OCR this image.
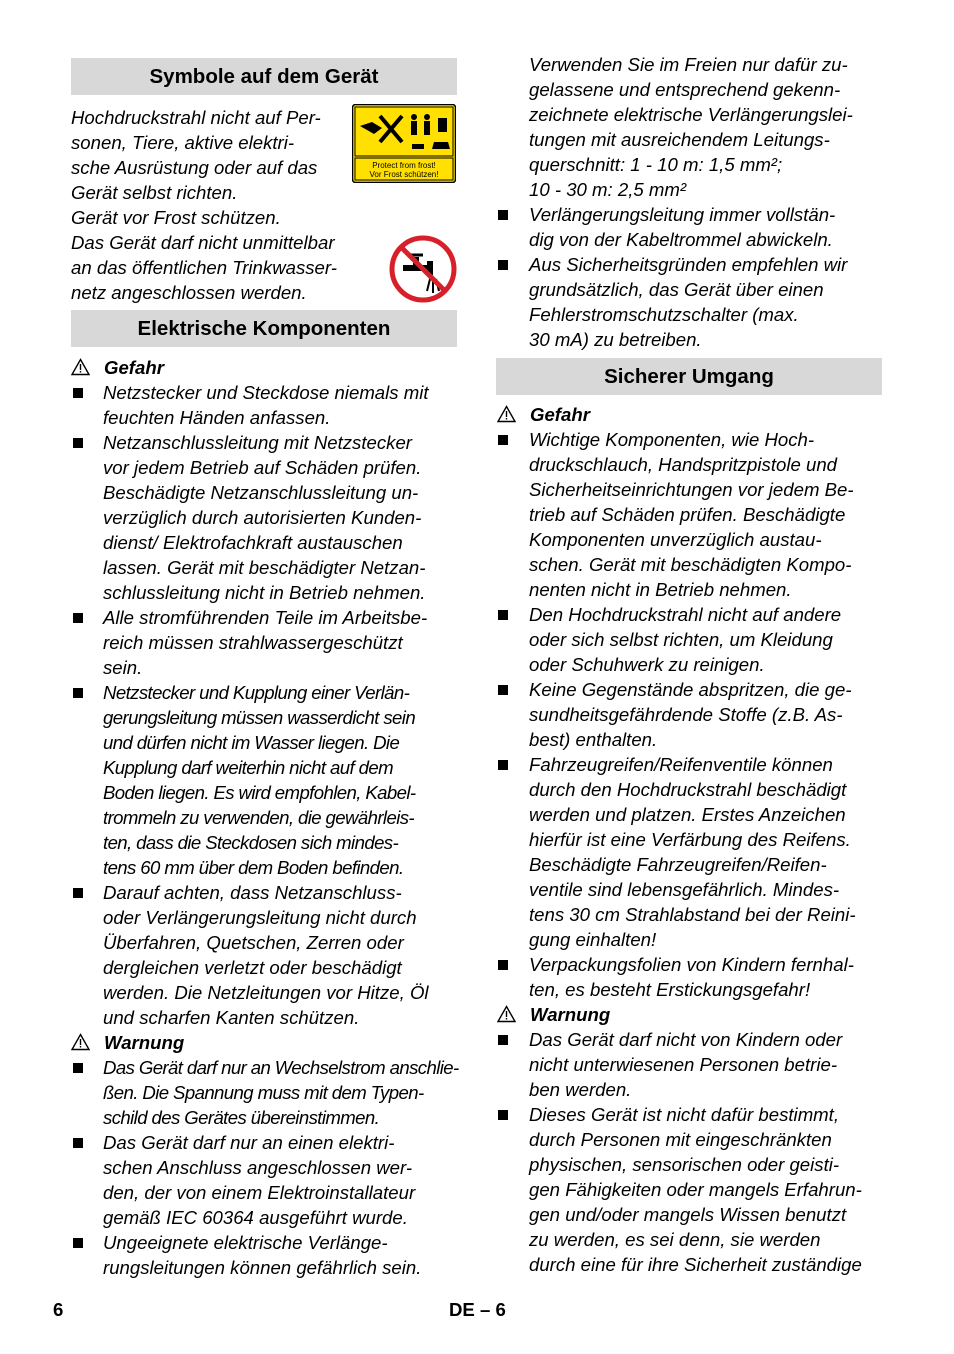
Symbole auf dem Gerät
Protect from frost!
Vor Frost schützen!
Hochdruckstrahl nicht auf Per-
sonen, Tiere, aktive elektri-
sche Ausrüstung oder auf das
Gerät selbst richten.
Gerät vor Frost schützen.
Das Gerät darf nicht unmittelbar
an das öffentlichen Trinkwasser-
netz angeschlossen werden.
Elektrische Komponenten
Gefahr
Netzstecker und Steckdose niemals mit
feuchten Händen anfassen.
Netzanschlussleitung mit Netzstecker
vor jedem Betrieb auf Schäden prüfen.
Beschädigte Netzanschlussleitung un-
verzüglich durch autorisierten Kunden-
dienst/ Elektrofachkraft austauschen
lassen. Gerät mit beschädigter Netzan-
schlussleitung nicht in Betrieb nehmen.
Alle stromführenden Teile im Arbeitsbe-
reich müssen strahlwassergeschützt
sein.
Netzstecker und Kupplung einer Verlän-
gerungsleitung müssen wasserdicht sein
und dürfen nicht im Wasser liegen. Die
Kupplung darf weiterhin nicht auf dem
Boden liegen. Es wird empfohlen, Kabel-
trommeln zu verwenden, die gewährleis-
ten, dass die Steckdosen sich mindes-
tens 60 mm über dem Boden befinden.
Darauf achten, dass Netzanschluss-
oder Verlängerungsleitung nicht durch
Überfahren, Quetschen, Zerren oder
dergleichen verletzt oder beschädigt
werden. Die Netzleitungen vor Hitze, Öl
und scharfen Kanten schützen.
Warnung
Das Gerät darf nur an Wechselstrom anschlie-
ßen. Die Spannung muss mit dem Typen-
schild des Gerätes übereinstimmen.
Das Gerät darf nur an einen elektri-
schen Anschluss angeschlossen wer-
den, der von einem Elektroinstallateur
gemäß IEC 60364 ausgeführt wurde.
Ungeeignete elektrische Verlänge-
rungsleitungen können gefährlich sein.
Verwenden Sie im Freien nur dafür zu-
gelassene und entsprechend gekenn-
zeichnete elektrische Verlängerungslei-
tungen mit ausreichendem Leitungs-
querschnitt: 1 - 10 m: 1,5 mm²;
10 - 30 m: 2,5 mm²
Verlängerungsleitung immer vollstän-
dig von der Kabeltrommel abwickeln.
Aus Sicherheitsgründen empfehlen wir
grundsätzlich, das Gerät über einen
Fehlerstromschutzschalter (max.
30 mA) zu betreiben.
Sicherer Umgang
Gefahr
Wichtige Komponenten, wie Hoch-
druckschlauch, Handspritzpistole und
Sicherheitseinrichtungen vor jedem Be-
trieb auf Schäden prüfen. Beschädigte
Komponenten unverzüglich austau-
schen. Gerät mit beschädigten Kompo-
nenten nicht in Betrieb nehmen.
Den Hochdruckstrahl nicht auf andere
oder sich selbst richten, um Kleidung
oder Schuhwerk zu reinigen.
Keine Gegenstände abspritzen, die ge-
sundheitsgefährdende Stoffe (z.B. As-
best) enthalten.
Fahrzeugreifen/Reifenventile können
durch den Hochdruckstrahl beschädigt
werden und platzen. Erstes Anzeichen
hierfür ist eine Verfärbung des Reifens.
Beschädigte Fahrzeugreifen/Reifen-
ventile sind lebensgefährlich. Mindes-
tens 30 cm Strahlabstand bei der Reini-
gung einhalten!
Verpackungsfolien von Kindern fernhal-
ten, es besteht Erstickungsgefahr!
Warnung
Das Gerät darf nicht von Kindern oder
nicht unterwiesenen Personen betrie-
ben werden.
Dieses Gerät ist nicht dafür bestimmt,
durch Personen mit eingeschränkten
physischen, sensorischen oder geisti-
gen Fähigkeiten oder mangels Erfahrun-
gen und/oder mangels Wissen benutzt
zu werden, es sei denn, sie werden
durch eine für ihre Sicherheit zuständige
6	DE – 6
